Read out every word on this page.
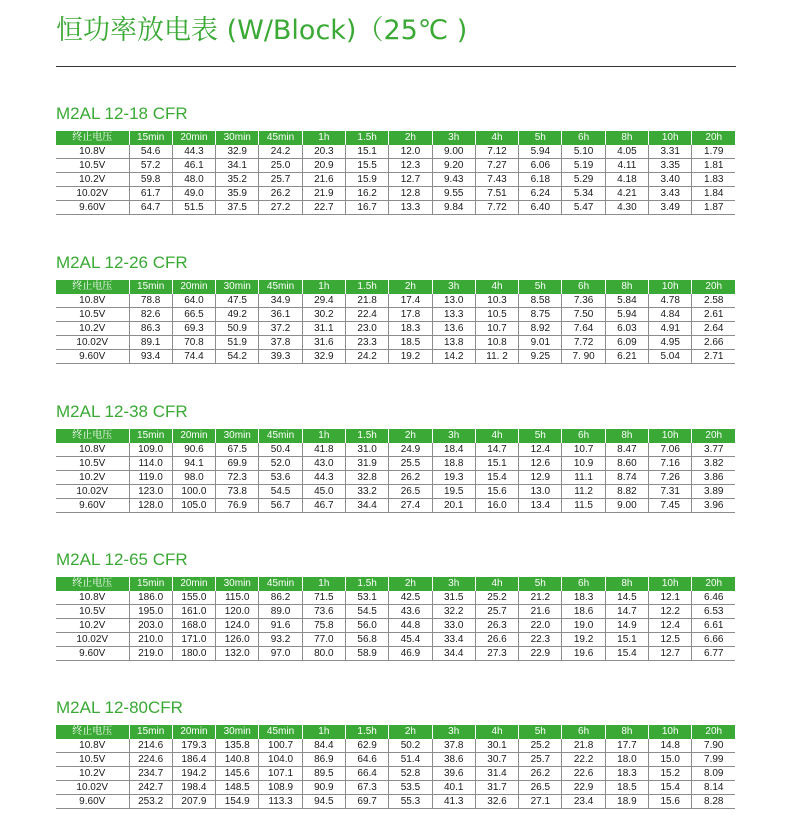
恒功率放电表 (W/Block)（25℃ )
M2AL 12-18 CFR
终止电压	15min	20min	30min	45min	1h	1.5h	2h	3h	4h	5h	6h	8h	10h	20h
10.8V	54.6	44.3	32.9	24.2	20.3	15.1	12.0	9.00	7.12	5.94	5.10	4.05	3.31	1.79
10.5V	57.2	46.1	34.1	25.0	20.9	15.5	12.3	9.20	7.27	6.06	5.19	4.11	3.35	1.81
10.2V	59.8	48.0	35.2	25.7	21.6	15.9	12.7	9.43	7.43	6.18	5.29	4.18	3.40	1.83
10.02V	61.7	49.0	35.9	26.2	21.9	16.2	12.8	9.55	7.51	6.24	5.34	4.21	3.43	1.84
9.60V	64.7	51.5	37.5	27.2	22.7	16.7	13.3	9.84	7.72	6.40	5.47	4.30	3.49	1.87
M2AL 12-26 CFR
终止电压	15min	20min	30min	45min	1h	1.5h	2h	3h	4h	5h	6h	8h	10h	20h
10.8V	78.8	64.0	47.5	34.9	29.4	21.8	17.4	13.0	10.3	8.58	7.36	5.84	4.78	2.58
10.5V	82.6	66.5	49.2	36.1	30.2	22.4	17.8	13.3	10.5	8.75	7.50	5.94	4.84	2.61
10.2V	86.3	69.3	50.9	37.2	31.1	23.0	18.3	13.6	10.7	8.92	7.64	6.03	4.91	2.64
10.02V	89.1	70.8	51.9	37.8	31.6	23.3	18.5	13.8	10.8	9.01	7.72	6.09	4.95	2.66
9.60V	93.4	74.4	54.2	39.3	32.9	24.2	19.2	14.2	11. 2	9.25	7. 90	6.21	5.04	2.71
M2AL 12-38 CFR
终止电压	15min	20min	30min	45min	1h	1.5h	2h	3h	4h	5h	6h	8h	10h	20h
10.8V	109.0	90.6	67.5	50.4	41.8	31.0	24.9	18.4	14.7	12.4	10.7	8.47	7.06	3.77
10.5V	114.0	94.1	69.9	52.0	43.0	31.9	25.5	18.8	15.1	12.6	10.9	8.60	7.16	3.82
10.2V	119.0	98.0	72.3	53.6	44.3	32.8	26.2	19.3	15.4	12.9	11.1	8.74	7.26	3.86
10.02V	123.0	100.0	73.8	54.5	45.0	33.2	26.5	19.5	15.6	13.0	11.2	8.82	7.31	3.89
9.60V	128.0	105.0	76.9	56.7	46.7	34.4	27.4	20.1	16.0	13.4	11.5	9.00	7.45	3.96
M2AL 12-65 CFR
终止电压	15min	20min	30min	45min	1h	1.5h	2h	3h	4h	5h	6h	8h	10h	20h
10.8V	186.0	155.0	115.0	86.2	71.5	53.1	42.5	31.5	25.2	21.2	18.3	14.5	12.1	6.46
10.5V	195.0	161.0	120.0	89.0	73.6	54.5	43.6	32.2	25.7	21.6	18.6	14.7	12.2	6.53
10.2V	203.0	168.0	124.0	91.6	75.8	56.0	44.8	33.0	26.3	22.0	19.0	14.9	12.4	6.61
10.02V	210.0	171.0	126.0	93.2	77.0	56.8	45.4	33.4	26.6	22.3	19.2	15.1	12.5	6.66
9.60V	219.0	180.0	132.0	97.0	80.0	58.9	46.9	34.4	27.3	22.9	19.6	15.4	12.7	6.77
M2AL 12-80CFR
终止电压	15min	20min	30min	45min	1h	1.5h	2h	3h	4h	5h	6h	8h	10h	20h
10.8V	214.6	179.3	135.8	100.7	84.4	62.9	50.2	37.8	30.1	25.2	21.8	17.7	14.8	7.90
10.5V	224.6	186.4	140.8	104.0	86.9	64.6	51.4	38.6	30.7	25.7	22.2	18.0	15.0	7.99
10.2V	234.7	194.2	145.6	107.1	89.5	66.4	52.8	39.6	31.4	26.2	22.6	18.3	15.2	8.09
10.02V	242.7	198.4	148.5	108.9	90.9	67.3	53.5	40.1	31.7	26.5	22.9	18.5	15.4	8.14
9.60V	253.2	207.9	154.9	113.3	94.5	69.7	55.3	41.3	32.6	27.1	23.4	18.9	15.6	8.28
